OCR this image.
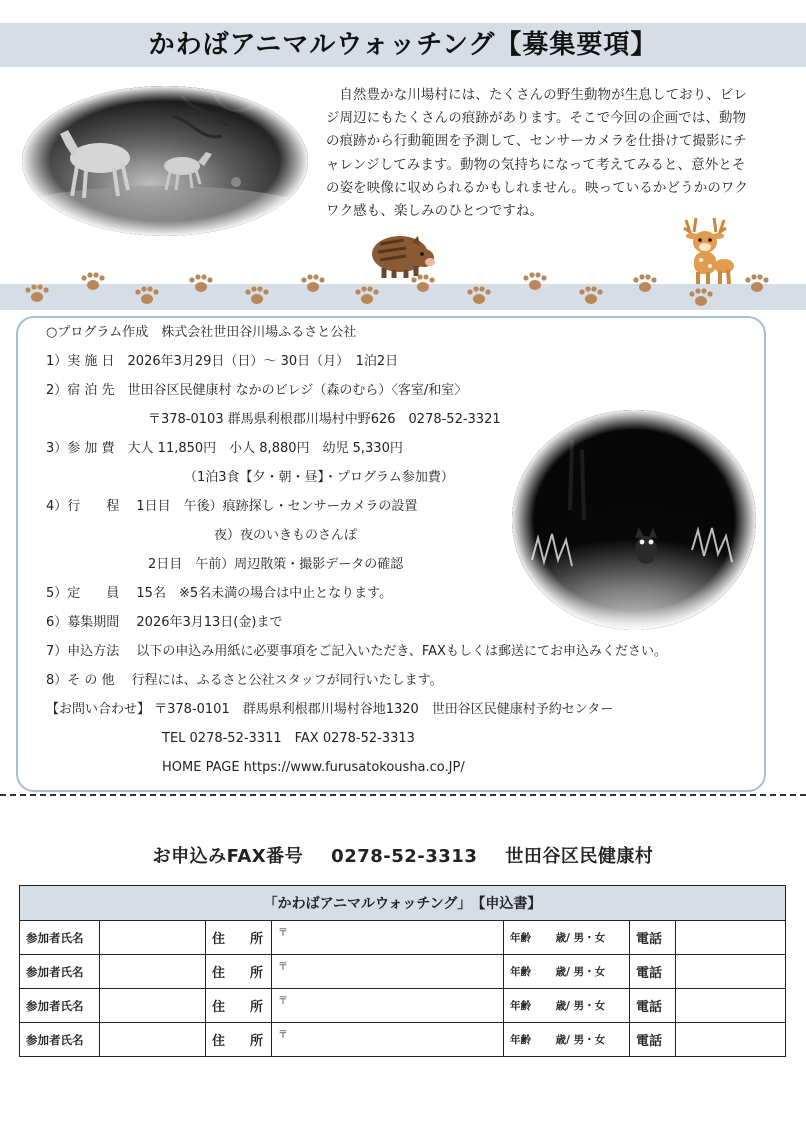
かわばアニマルウォッチング【募集要項】
自然豊かな川場村には、たくさんの野生動物が生息しており、ビレジ周辺にもたくさんの痕跡があります。そこで今回の企画では、動物の痕跡から行動範囲を予測して、センサーカメラを仕掛けて撮影にチャレンジしてみます。動物の気持ちになって考えてみると、意外とその姿を映像に収められるかもしれません。映っているかどうかのワクワク感も、楽しみのひとつですね。
○プログラム作成　株式会社世田谷川場ふるさと公社
1）実 施 日　2026年3月29日（日）～ 30日（月）　1泊2日
2）宿 泊 先　世田谷区民健康村 なかのビレジ（森のむら）〈客室/和室〉
〒378-0103 群馬県利根郡川場村中野626　0278-52-3321
3）参 加 費　大人 11,850円　小人 8,880円　幼児 5,330円
（1泊3食【夕・朝・昼】・プログラム参加費）
4）行　　程　 1日目　午後）痕跡探し・センサーカメラの設置
夜）夜のいきものさんぽ
2日目　午前）周辺散策・撮影データの確認
5）定　　員　 15名　※5名未満の場合は中止となります。
6）募集期間　 2026年3月13日(金)まで
7）申込方法　 以下の申込み用紙に必要事項をご記入いただき、FAXもしくは郵送にてお申込みください。
8）そ の 他　 行程には、ふるさと公社スタッフが同行いたします。
【お問い合わせ】 〒378-0101　群馬県利根郡川場村谷地1320　世田谷区民健康村予約センター
TEL 0278-52-3311　FAX 0278-52-3313
HOME PAGE https://www.furusatokousha.co.JP/
お申込みFAX番号 0278-52-3313 世田谷区民健康村
「かわばアニマルウォッチング」　【申込書】						
参加者氏名		住　所	〒	年齢　　 歳/ 男・女	電話	
参加者氏名		住　所	〒	年齢　　 歳/ 男・女	電話	
参加者氏名		住　所	〒	年齢　　 歳/ 男・女	電話	
参加者氏名		住　所	〒	年齢　　 歳/ 男・女	電話	
